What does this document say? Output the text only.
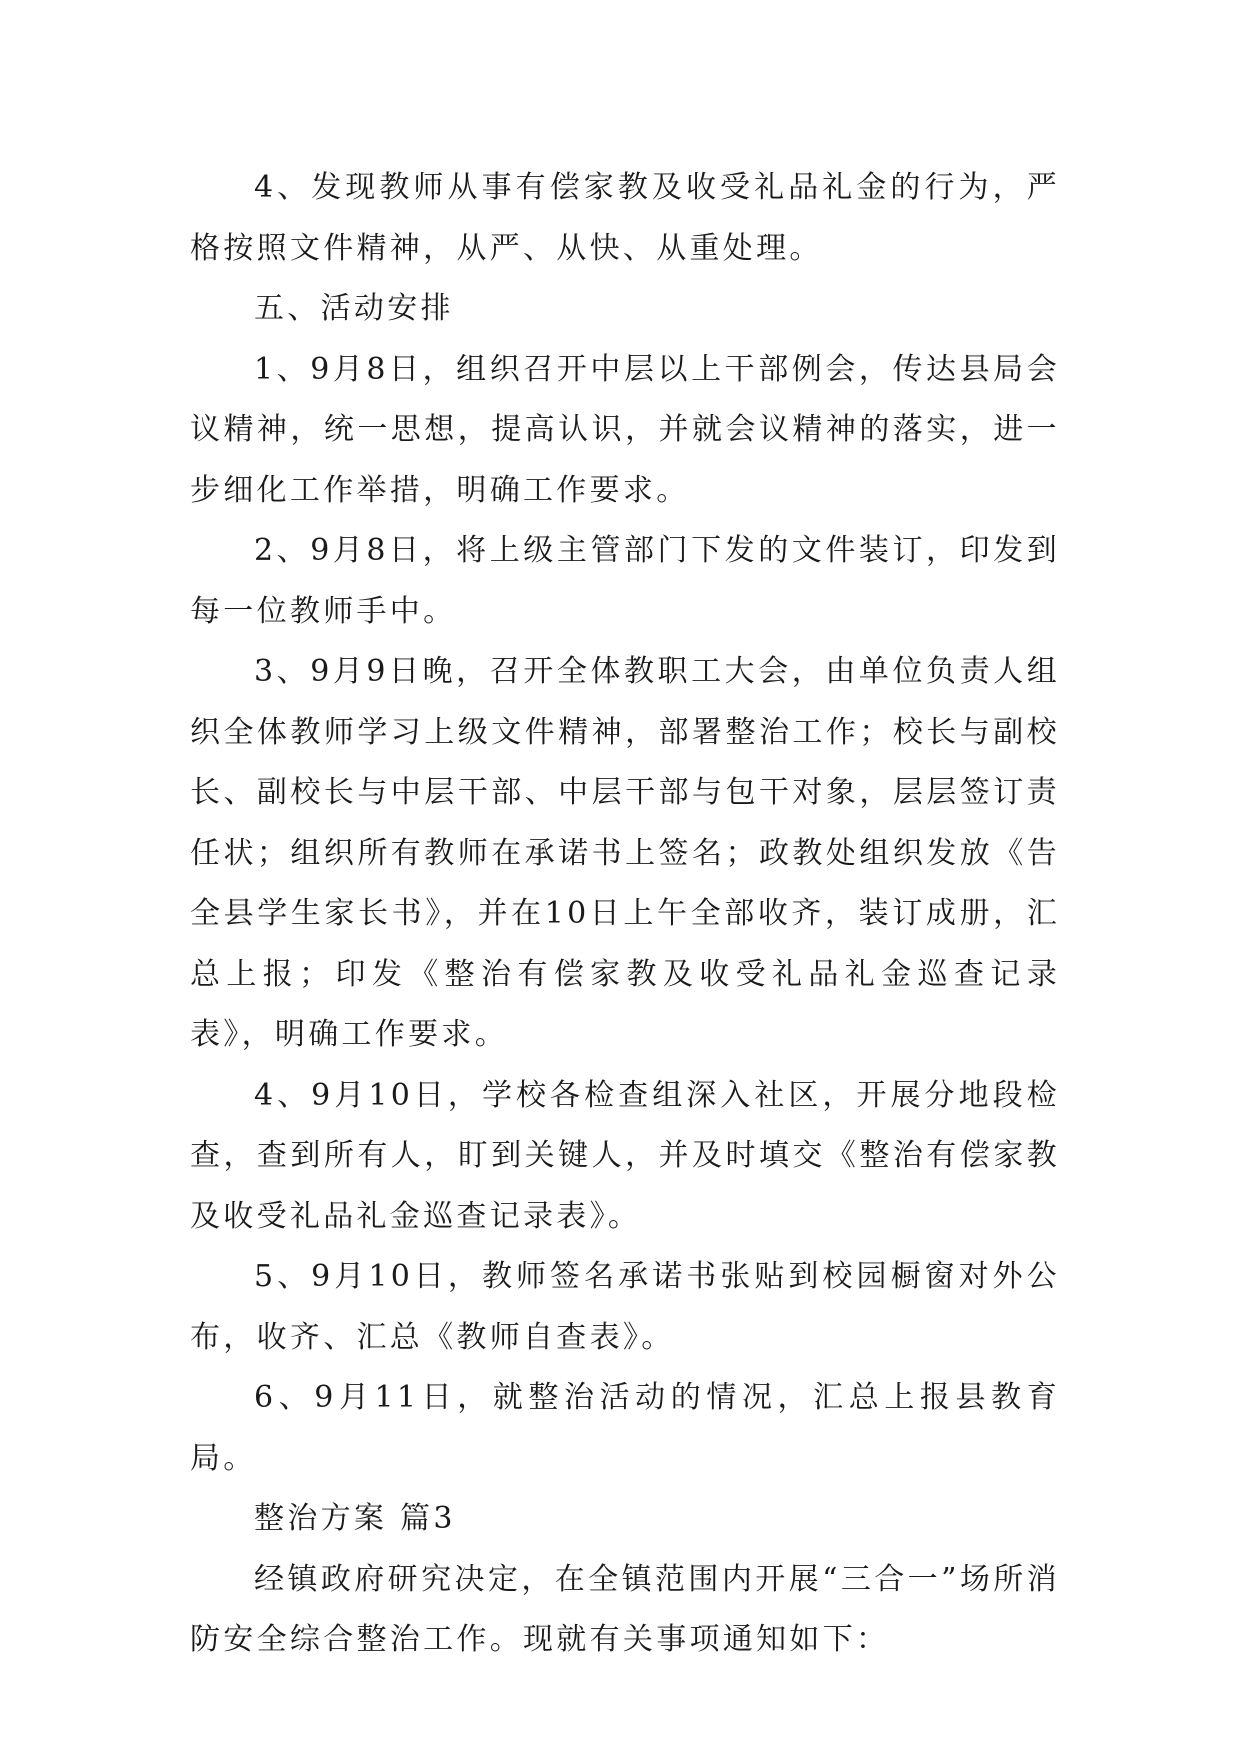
4、发现教师从事有偿家教及收受礼品礼金的行为，严格按照文件精神，从严、从快、从重处理。

五、活动安排

1、9月8日，组织召开中层以上干部例会，传达县局会议精神，统一思想，提高认识，并就会议精神的落实，进一步细化工作举措，明确工作要求。

2、9月8日，将上级主管部门下发的文件装订，印发到每一位教师手中。

3、9月9日晚，召开全体教职工大会，由单位负责人组织全体教师学习上级文件精神，部署整治工作；校长与副校长、副校长与中层干部、中层干部与包干对象，层层签订责任状；组织所有教师在承诺书上签名；政教处组织发放《告全县学生家长书》，并在10日上午全部收齐，装订成册，汇总上报；印发《整治有偿家教及收受礼品礼金巡查记录表》，明确工作要求。

4、9月10日，学校各检查组深入社区，开展分地段检查，查到所有人，盯到关键人，并及时填交《整治有偿家教及收受礼品礼金巡查记录表》。

5、9月10日，教师签名承诺书张贴到校园橱窗对外公布，收齐、汇总《教师自查表》。

6、9月11日，就整治活动的情况，汇总上报县教育局。

整治方案 篇3

经镇政府研究决定，在全镇范围内开展“三合一”场所消防安全综合整治工作。现就有关事项通知如下：
